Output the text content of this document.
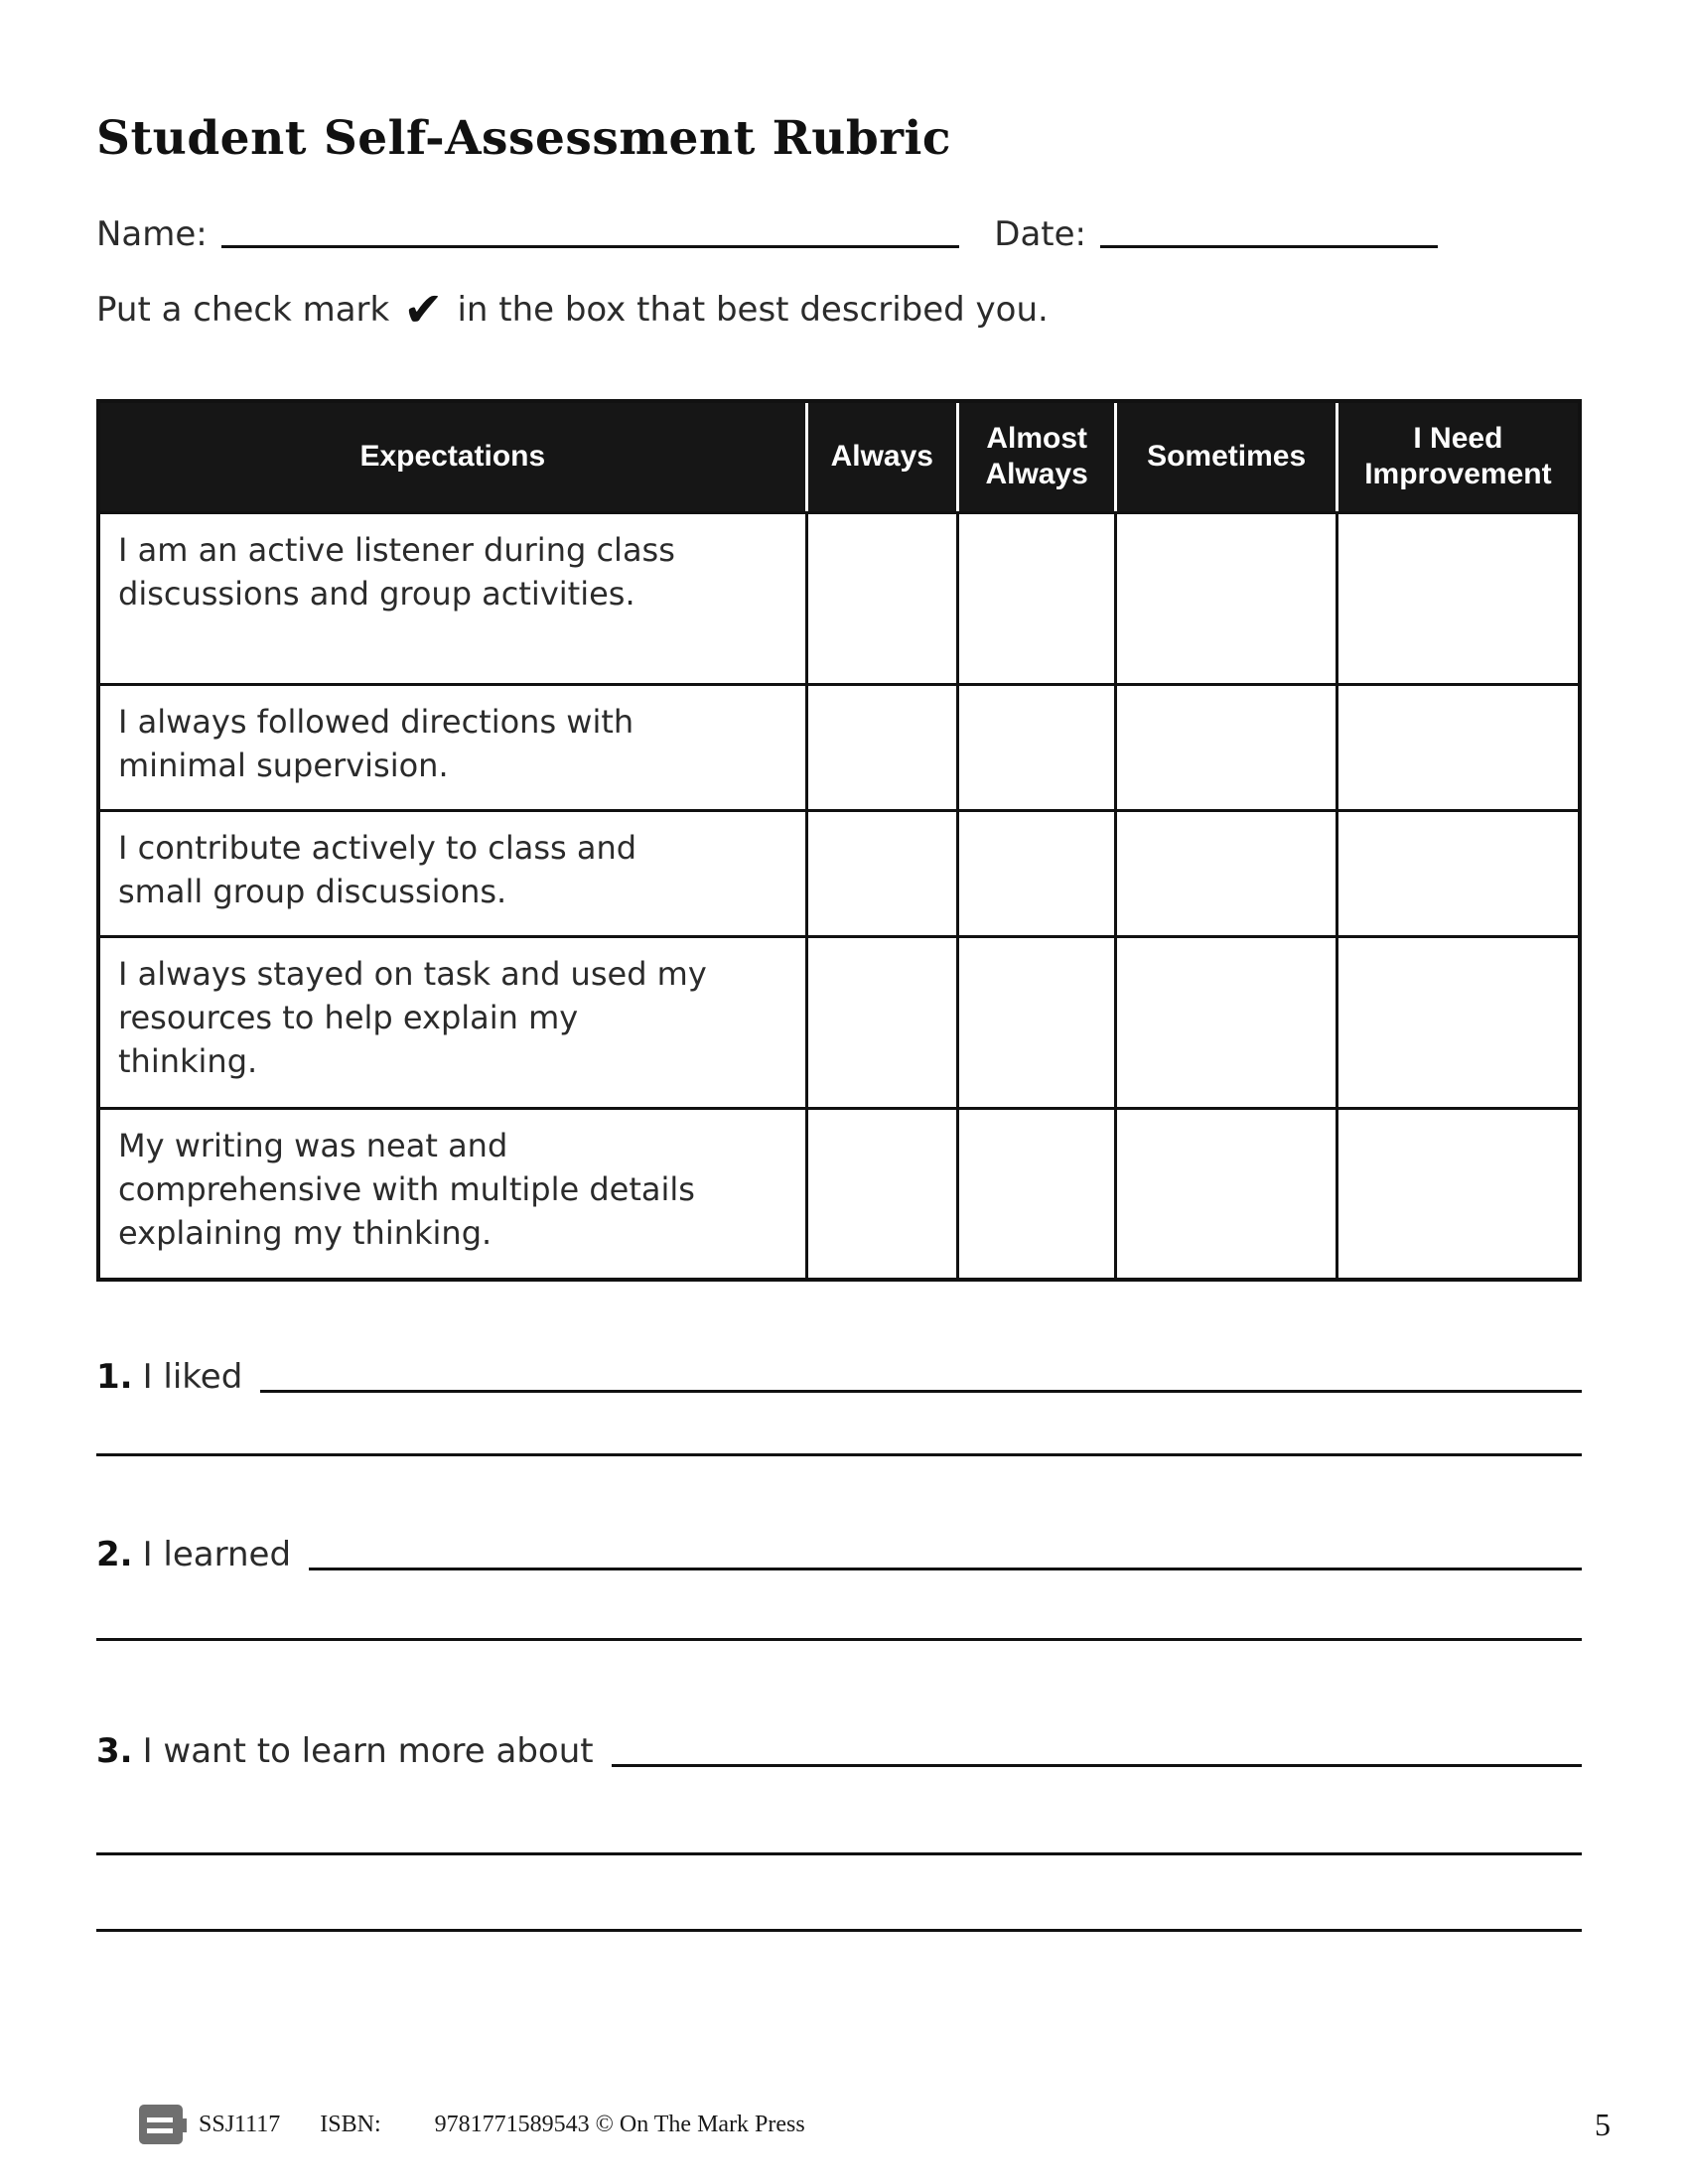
Student Self-Assessment Rubric
Name:	Date:
Put a check mark ✔ in the box that best described you.
Expectations	Always	Almost Always	Sometimes	I Need Improvement
I am an active listener during class discussions and group activities.				
I always followed directions with minimal supervision.				
I contribute actively to class and small group discussions.				
I always stayed on task and used my resources to help explain my thinking.				
My writing was neat and comprehensive with multiple details explaining my thinking.				
1. I liked
2. I learned
3. I want to learn more about
SSJ1117 ISBN: 9781771589543 © On The Mark Press	5
